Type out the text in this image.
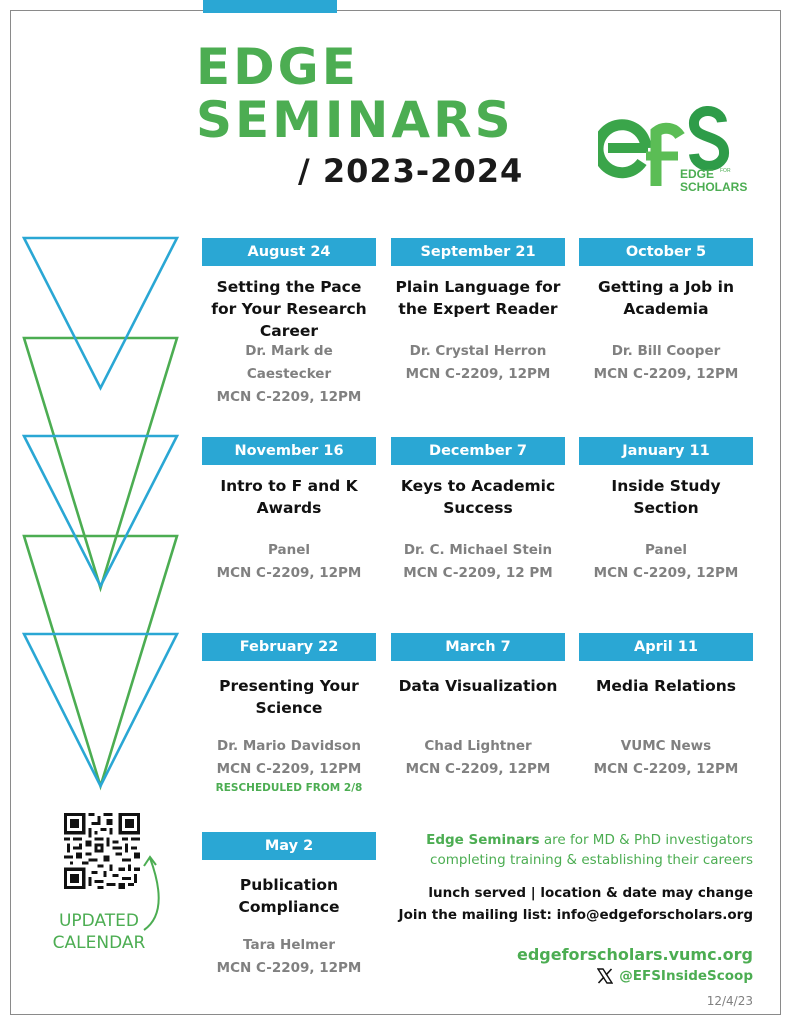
EDGE
SEMINARS
/ 2023-2024	EDGE FOR
SCHOLARS
August 24
Setting the Pace for Your Research Career
Dr. Mark de Caestecker
MCN C-2209, 12PM
September 21
Plain Language for the Expert Reader
Dr. Crystal Herron
MCN C-2209, 12PM
October 5
Getting a Job in Academia
Dr. Bill Cooper
MCN C-2209, 12PM
November 16
Intro to F and K Awards
Panel
MCN C-2209, 12PM
December 7
Keys to Academic Success
Dr. C. Michael Stein
MCN C-2209, 12 PM
January 11
Inside Study Section
Panel
MCN C-2209, 12PM
February 22
Presenting Your Science
Dr. Mario Davidson
MCN C-2209, 12PM
RESCHEDULED FROM 2/8
March 7
Data Visualization
Chad Lightner
MCN C-2209, 12PM
April 11
Media Relations
VUMC News
MCN C-2209, 12PM
May 2
Publication Compliance
Tara Helmer
MCN C-2209, 12PM
UPDATED CALENDAR
Edge Seminars are for MD & PhD investigators
completing training & establishing their careers
lunch served | location & date may change
Join the mailing list: info@edgeforscholars.org
edgeforscholars.vumc.org
@EFSInsideScoop
12/4/23
